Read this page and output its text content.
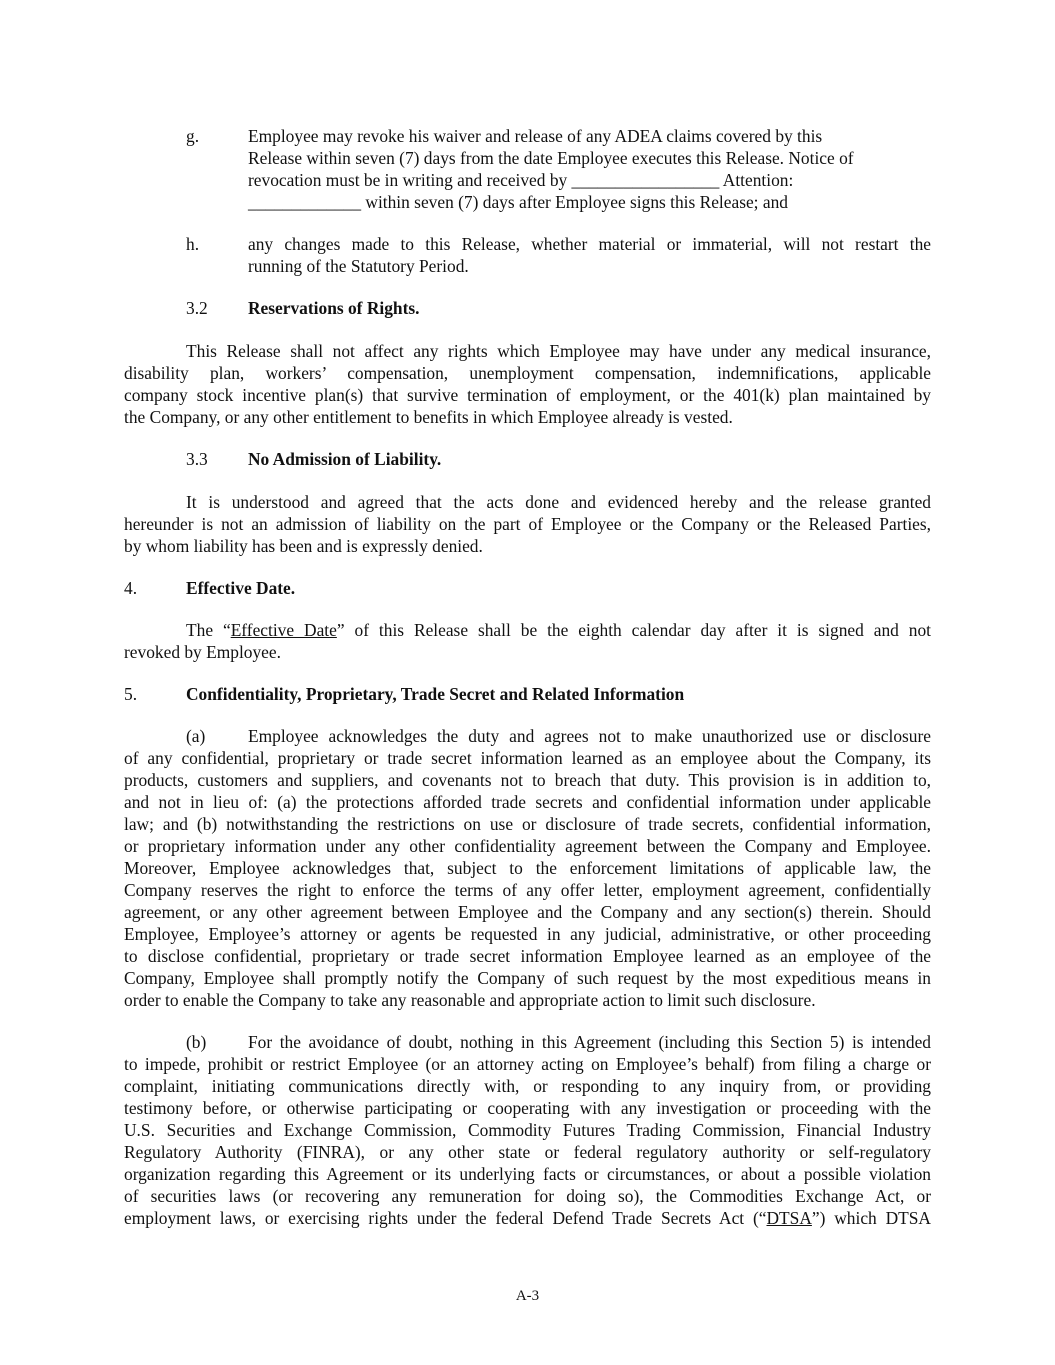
g.	Employee may revoke his waiver and release of any ADEA claims covered by this
Release within seven (7) days from the date Employee executes this Release. Notice of
revocation must be in writing and received by _________________ Attention:
_____________ within seven (7) days after Employee signs this Release; and
h.	any changes made to this Release, whether material or immaterial, will not restart the
running of the Statutory Period.
3.2 Reservations of Rights.
This Release shall not affect any rights which Employee may have under any medical insurance,
disability plan, workers’ compensation, unemployment compensation, indemnifications, applicable
company stock incentive plan(s) that survive termination of employment, or the 401(k) plan maintained by
the Company, or any other entitlement to benefits in which Employee already is vested.
3.3 No Admission of Liability.
It is understood and agreed that the acts done and evidenced hereby and the release granted
hereunder is not an admission of liability on the part of Employee or the Company or the Released Parties,
by whom liability has been and is expressly denied.
4.	Effective Date.
The “Effective Date” of this Release shall be the eighth calendar day after it is signed and not
revoked by Employee.
5.	Confidentiality, Proprietary, Trade Secret and Related Information
(a) Employee acknowledges the duty and agrees not to make unauthorized use or disclosure
of any confidential, proprietary or trade secret information learned as an employee about the Company, its
products, customers and suppliers, and covenants not to breach that duty. This provision is in addition to,
and not in lieu of: (a) the protections afforded trade secrets and confidential information under applicable
law; and (b) notwithstanding the restrictions on use or disclosure of trade secrets, confidential information,
or proprietary information under any other confidentiality agreement between the Company and Employee.
Moreover, Employee acknowledges that, subject to the enforcement limitations of applicable law, the
Company reserves the right to enforce the terms of any offer letter, employment agreement, confidentially
agreement, or any other agreement between Employee and the Company and any section(s) therein. Should
Employee, Employee’s attorney or agents be requested in any judicial, administrative, or other proceeding
to disclose confidential, proprietary or trade secret information Employee learned as an employee of the
Company, Employee shall promptly notify the Company of such request by the most expeditious means in
order to enable the Company to take any reasonable and appropriate action to limit such disclosure.
(b) For the avoidance of doubt, nothing in this Agreement (including this Section 5) is intended
to impede, prohibit or restrict Employee (or an attorney acting on Employee’s behalf) from filing a charge or
complaint, initiating communications directly with, or responding to any inquiry from, or providing
testimony before, or otherwise participating or cooperating with any investigation or proceeding with the
U.S. Securities and Exchange Commission, Commodity Futures Trading Commission, Financial Industry
Regulatory Authority (FINRA), or any other state or federal regulatory authority or self-regulatory
organization regarding this Agreement or its underlying facts or circumstances, or about a possible violation
of securities laws (or recovering any remuneration for doing so), the Commodities Exchange Act, or
employment laws, or exercising rights under the federal Defend Trade Secrets Act (“DTSA”) which DTSA
A-3
